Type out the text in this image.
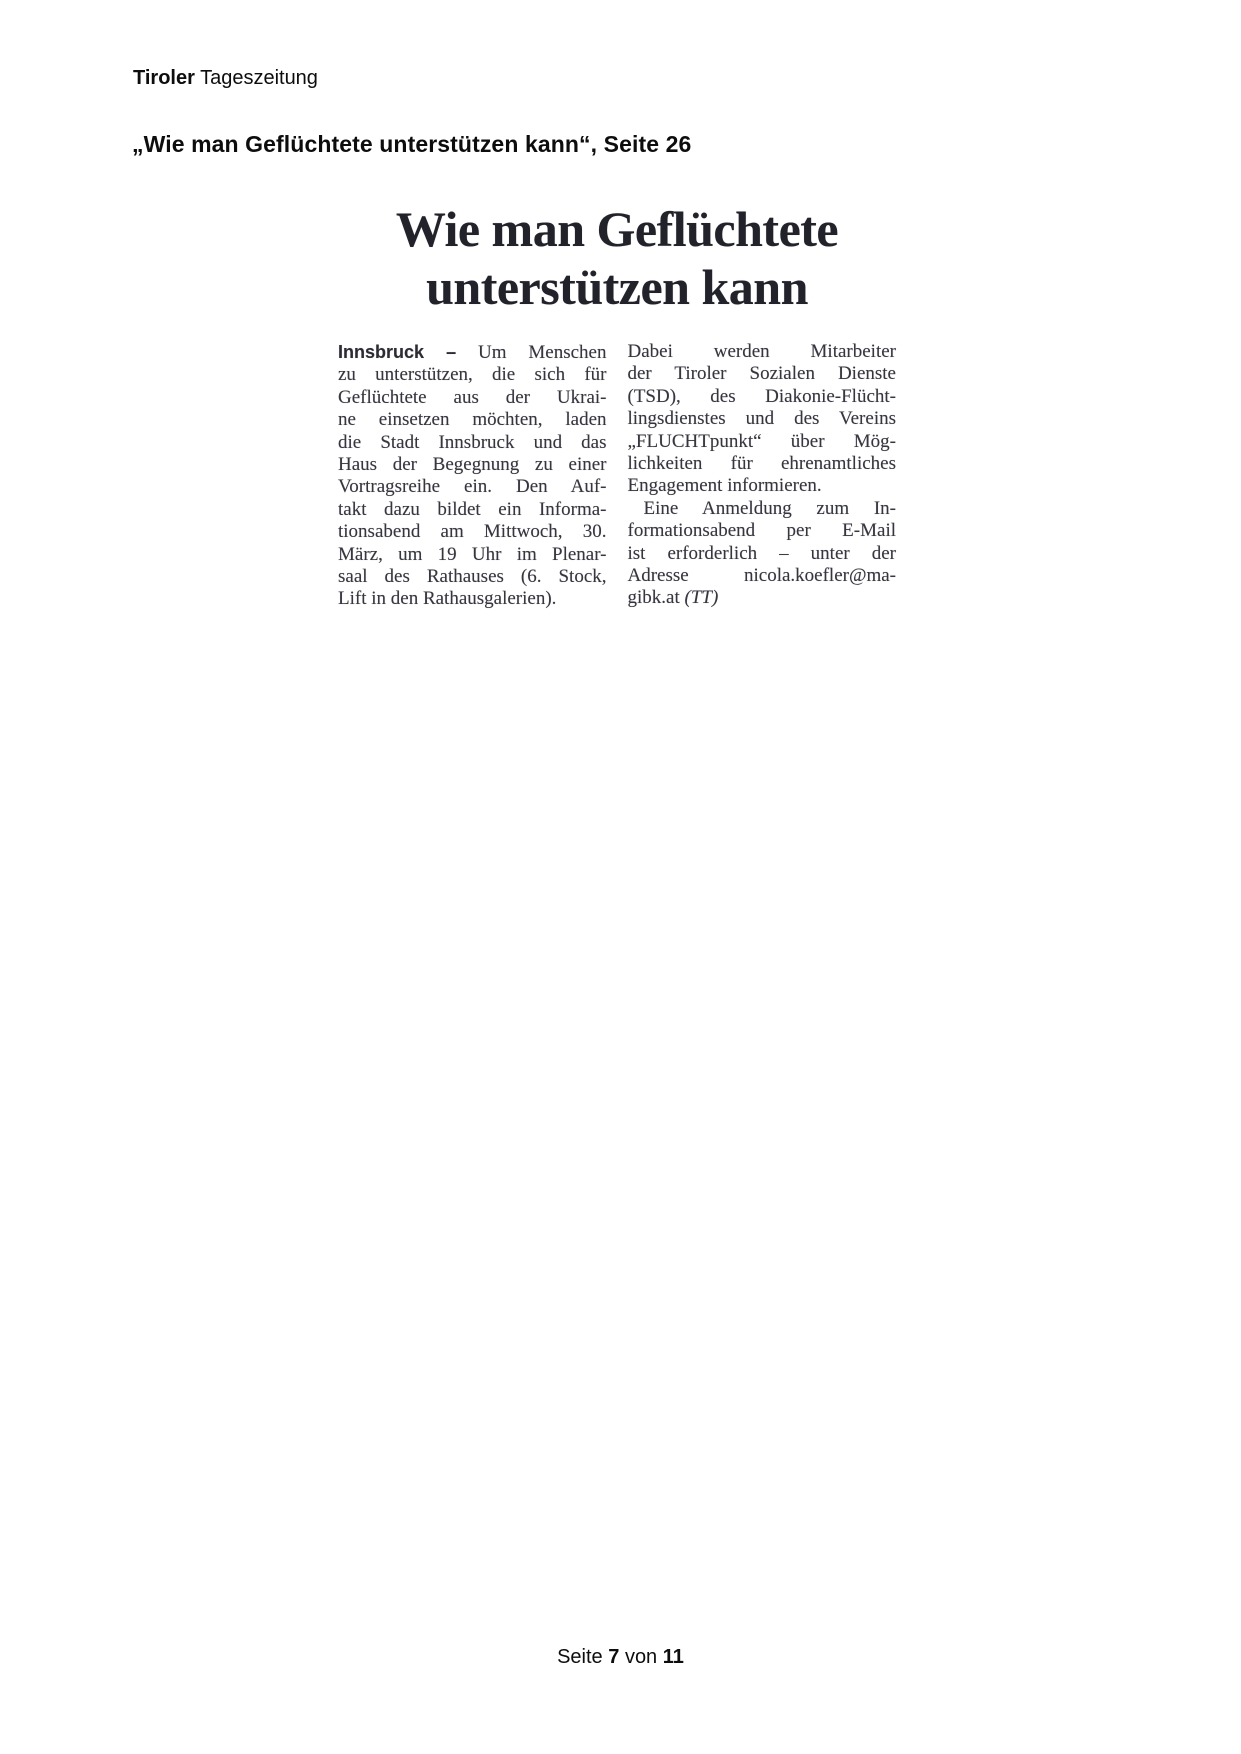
Tiroler Tageszeitung
„Wie man Geflüchtete unterstützen kann“, Seite 26
Wie man Geflüchtete
unterstützen kann
Innsbruck – Um Menschen
zu unterstützen, die sich für
Geflüchtete aus der Ukrai-
ne einsetzen möchten, laden
die Stadt Innsbruck und das
Haus der Begegnung zu einer
Vortragsreihe ein. Den Auf-
takt dazu bildet ein Informa-
tionsabend am Mittwoch, 30.
März, um 19 Uhr im Plenar-
saal des Rathauses (6. Stock,
Lift in den Rathausgalerien).
Dabei werden Mitarbeiter
der Tiroler Sozialen Dienste
(TSD), des Diakonie-Flücht-
lingsdienstes und des Vereins
„FLUCHTpunkt“ über Mög-
lichkeiten für ehrenamtliches
Engagement informieren.
Eine Anmeldung zum In-
formationsabend per E-Mail
ist erforderlich – unter der
Adresse nicola.koefler@ma-
gibk.at (TT)
Seite 7 von 11
